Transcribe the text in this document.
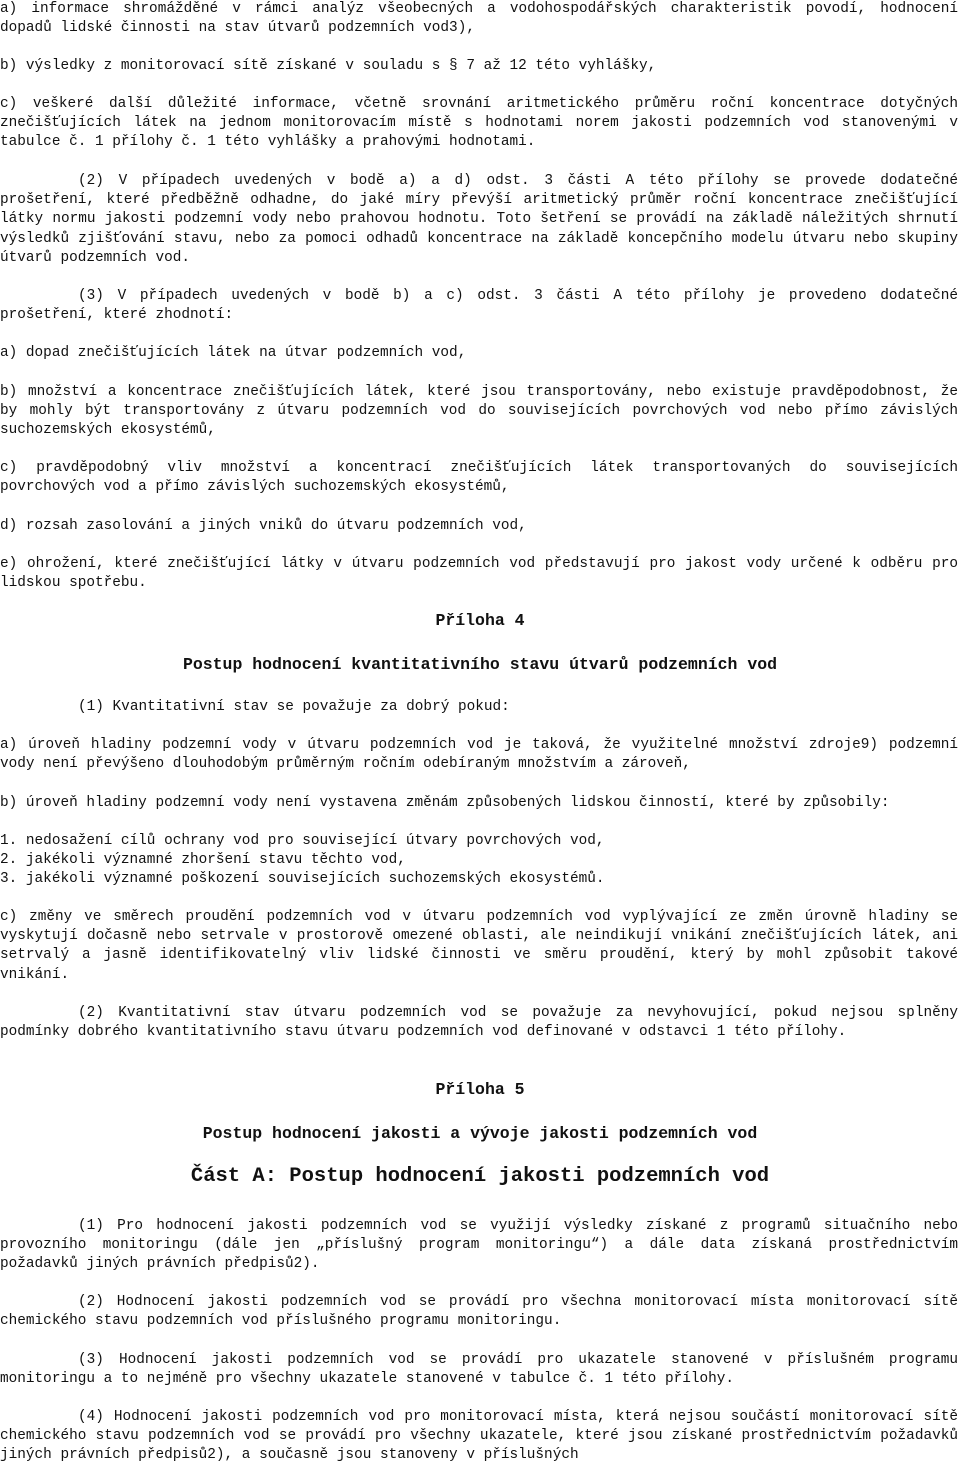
a) informace shromážděné v rámci analýz všeobecných a vodohospodářských charakteristik povodí, hodnocení dopadů lidské činnosti na stav útvarů podzemních vod3),

b) výsledky z monitorovací sítě získané v souladu s § 7 až 12 této vyhlášky,

c) veškeré další důležité informace, včetně srovnání aritmetického průměru roční koncentrace dotyčných znečišťujících látek na jednom monitorovacím místě s hodnotami norem jakosti podzemních vod stanovenými v tabulce č. 1 přílohy č. 1 této vyhlášky a prahovými hodnotami.

(2) V případech uvedených v bodě a) a d) odst. 3 části A této přílohy se provede dodatečné prošetření, které předběžně odhadne, do jaké míry převýší aritmetický průměr roční koncentrace znečišťující látky normu jakosti podzemní vody nebo prahovou hodnotu. Toto šetření se provádí na základě náležitých shrnutí výsledků zjišťování stavu, nebo za pomoci odhadů koncentrace na základě koncepčního modelu útvaru nebo skupiny útvarů podzemních vod.

(3) V případech uvedených v bodě b) a c) odst. 3 části A této přílohy je provedeno dodatečné prošetření, které zhodnotí:

a) dopad znečišťujících látek na útvar podzemních vod,

b) množství a koncentrace znečišťujících látek, které jsou transportovány, nebo existuje pravděpodobnost, že by mohly být transportovány z útvaru podzemních vod do souvisejících povrchových vod nebo přímo závislých suchozemských ekosystémů,

c) pravděpodobný vliv množství a koncentrací znečišťujících látek transportovaných do souvisejících povrchových vod a přímo závislých suchozemských ekosystémů,

d) rozsah zasolování a jiných vniků do útvaru podzemních vod,

e) ohrožení, které znečišťující látky v útvaru podzemních vod představují pro jakost vody určené k odběru pro lidskou spotřebu.

Příloha 4

Postup hodnocení kvantitativního stavu útvarů podzemních vod

(1) Kvantitativní stav se považuje za dobrý pokud:

a) úroveň hladiny podzemní vody v útvaru podzemních vod je taková, že využitelné množství zdroje9) podzemní vody není převýšeno dlouhodobým průměrným ročním odebíraným množstvím a zároveň,

b) úroveň hladiny podzemní vody není vystavena změnám způsobených lidskou činností, které by způsobily:

1. nedosažení cílů ochrany vod pro související útvary povrchových vod,

2. jakékoli významné zhoršení stavu těchto vod,

3. jakékoli významné poškození souvisejících suchozemských ekosystémů.

c) změny ve směrech proudění podzemních vod v útvaru podzemních vod vyplývající ze změn úrovně hladiny se vyskytují dočasně nebo setrvale v prostorově omezené oblasti, ale neindikují vnikání znečišťujících látek, ani setrvalý a jasně identifikovatelný vliv lidské činnosti ve směru proudění, který by mohl způsobit takové vnikání.

(2) Kvantitativní stav útvaru podzemních vod se považuje za nevyhovující, pokud nejsou splněny podmínky dobrého kvantitativního stavu útvaru podzemních vod definované v odstavci 1 této přílohy.

Příloha 5

Postup hodnocení jakosti a vývoje jakosti podzemních vod

Část A: Postup hodnocení jakosti podzemních vod

(1) Pro hodnocení jakosti podzemních vod se využijí výsledky získané z programů situačního nebo provozního monitoringu (dále jen „příslušný program monitoringu“) a dále data získaná prostřednictvím požadavků jiných právních předpisů2).

(2) Hodnocení jakosti podzemních vod se provádí pro všechna monitorovací místa monitorovací sítě chemického stavu podzemních vod příslušného programu monitoringu.

(3) Hodnocení jakosti podzemních vod se provádí pro ukazatele stanovené v příslušném programu monitoringu a to nejméně pro všechny ukazatele stanovené v tabulce č. 1 této přílohy.

(4) Hodnocení jakosti podzemních vod pro monitorovací místa, která nejsou součástí monitorovací sítě chemického stavu podzemních vod se provádí pro všechny ukazatele, které jsou získané prostřednictvím požadavků jiných právních předpisů2), a současně jsou stanoveny v příslušných
